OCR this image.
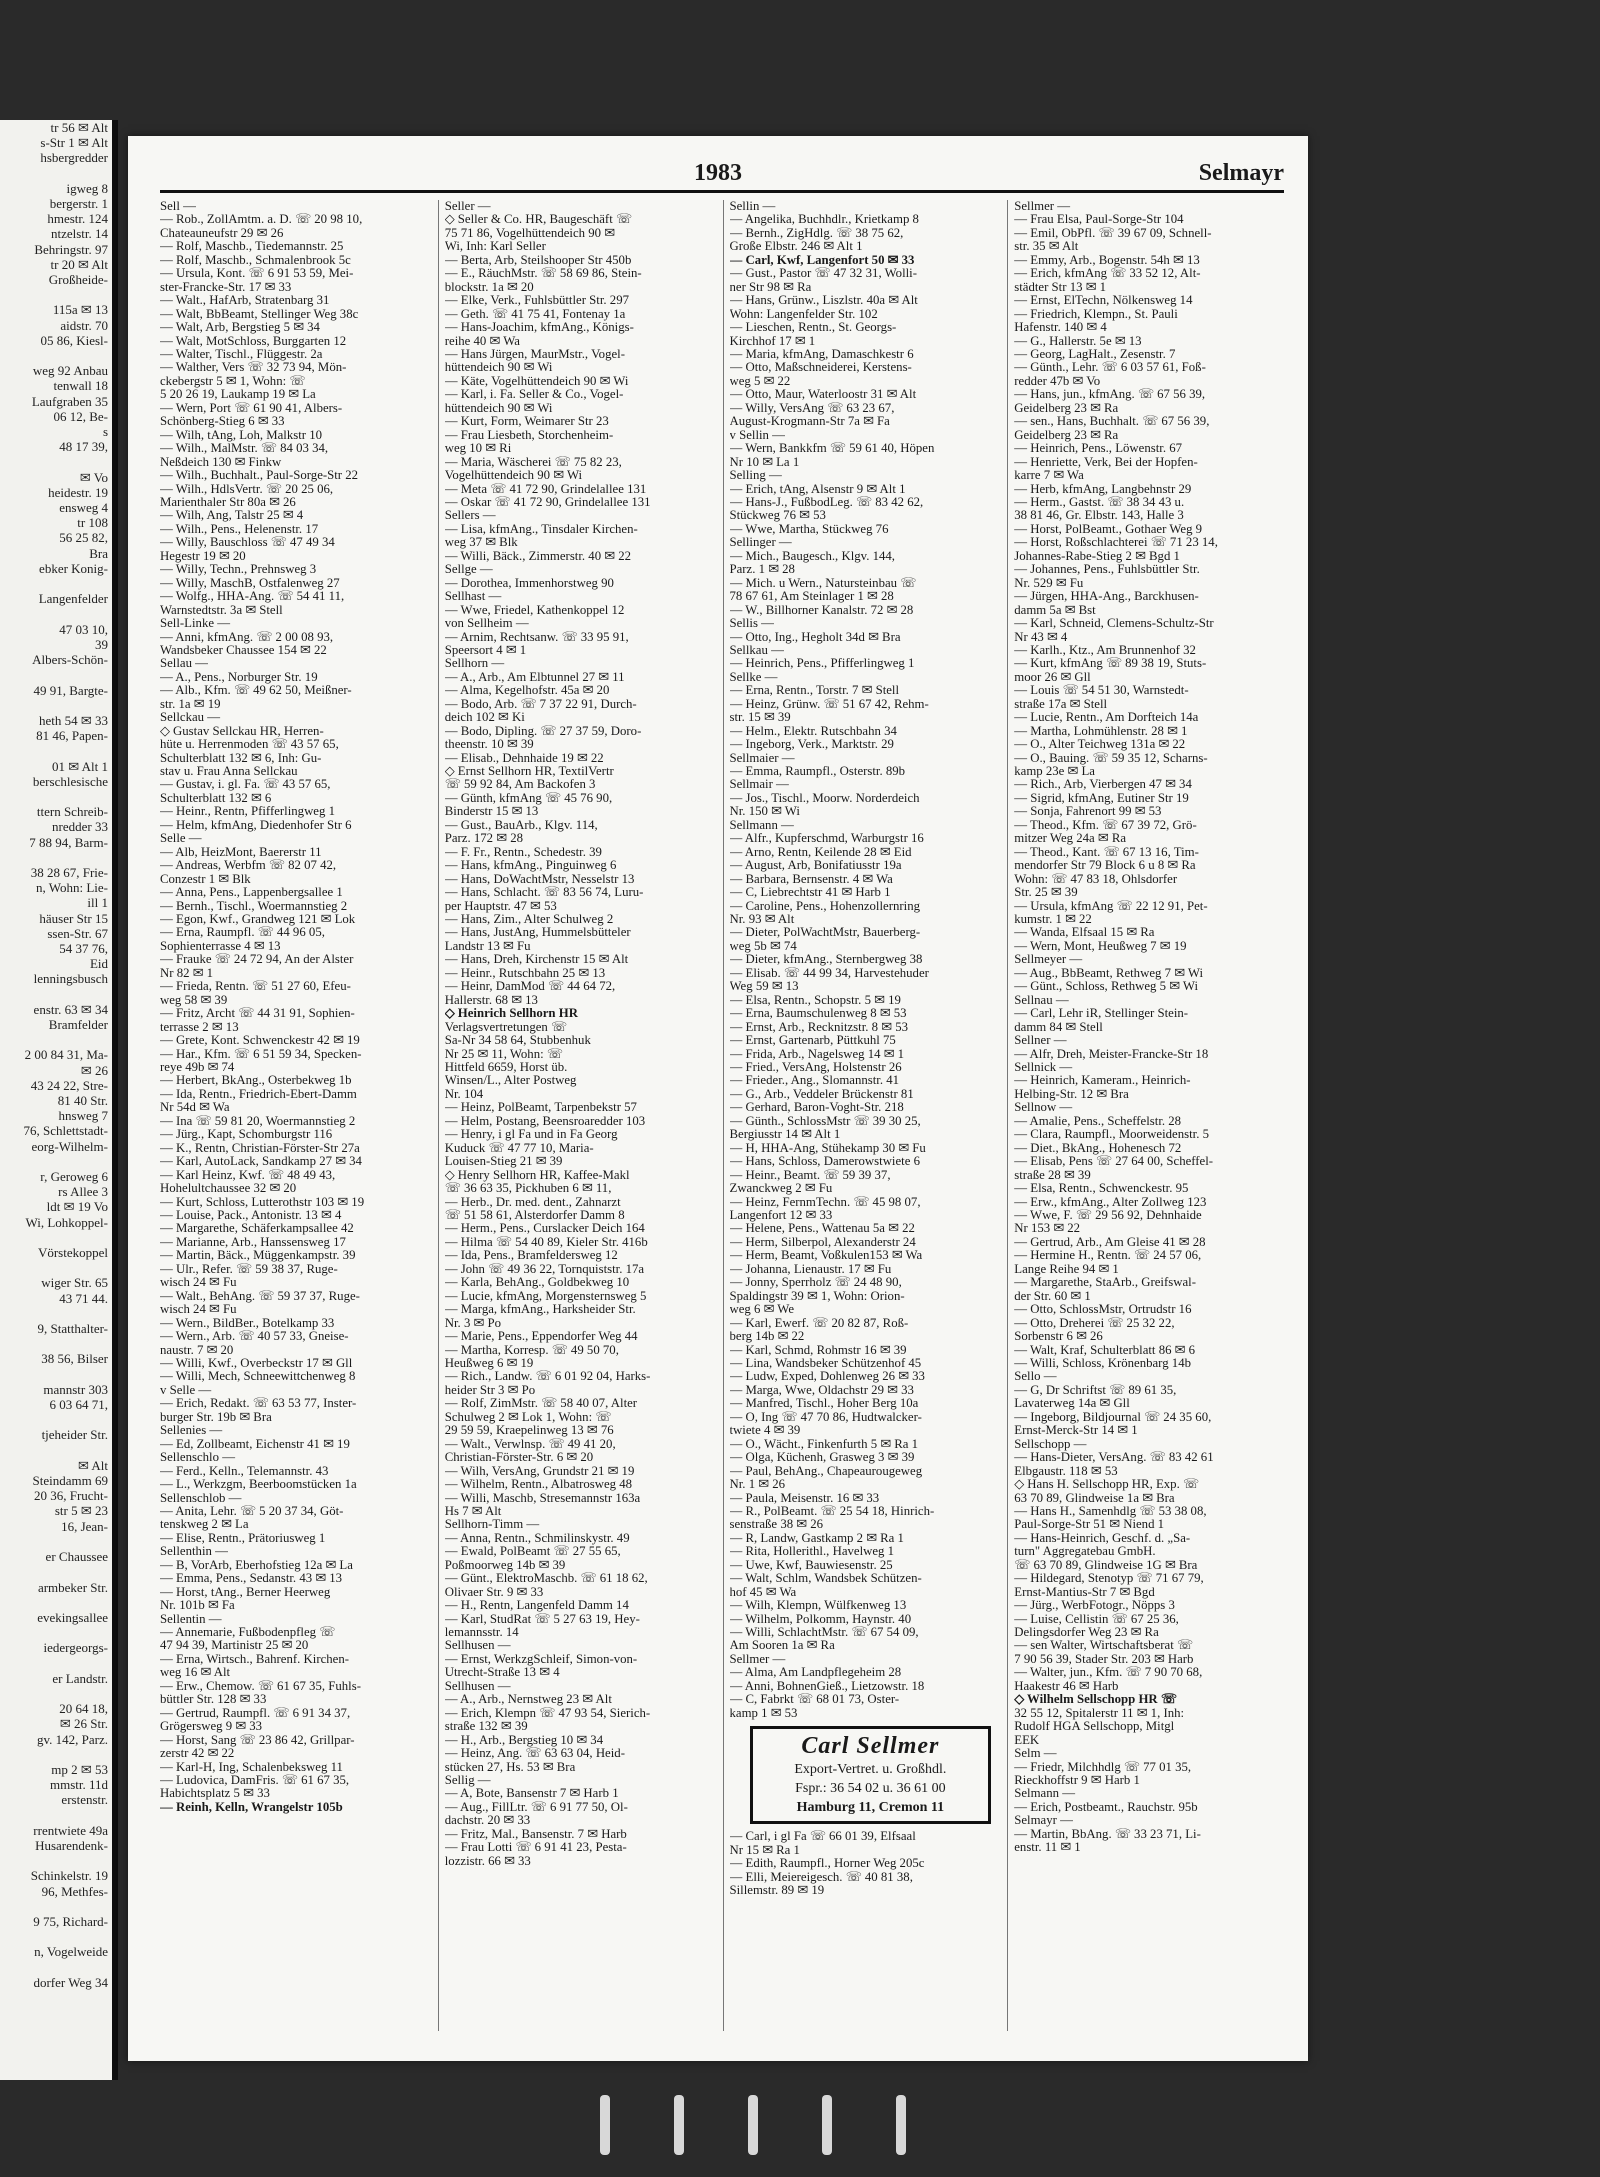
tr 56 ✉ Alt
s-Str 1 ✉ Alt
hsbergredder

igweg 8
bergerstr. 1
hmestr. 124
ntzelstr. 14
Behringstr. 97
tr 20 ✉ Alt
Großheide-

115a ✉ 13
aidstr. 70
05 86, Kiesl-

weg 92 Anbau
tenwall 18
Laufgraben 35
06 12, Be-
s
48 17 39,

✉ Vo
heidestr. 19
ensweg 4
tr 108
56 25 82,
Bra
ebker Konig-

Langenfelder

47 03 10,
39
Albers-Schön-

49 91, Bargte-

heth 54 ✉ 33
81 46, Papen-

01 ✉ Alt 1
berschlesische

ttern Schreib-
nredder 33
7 88 94, Barm-

38 28 67, Frie-
n, Wohn: Lie-
ill 1
häuser Str 15
ssen-Str. 67
54 37 76,
Eid
lenningsbusch

enstr. 63 ✉ 34
Bramfelder

2 00 84 31, Ma-
✉ 26
43 24 22, Stre-
81 40 Str.
hnsweg 7
76, Schlettstadt-
eorg-Wilhelm-

r, Geroweg 6
rs Allee 3
ldt ✉ 19 Vo
Wi, Lohkoppel-

Vörstekoppel

wiger Str. 65
43 71 44.

9, Statthalter-

38 56, Bilser

mannstr 303
6 03 64 71,

tjeheider Str.

✉ Alt
Steindamm 69
20 36, Frucht-
str 5 ✉ 23
16, Jean-

er Chaussee

armbeker Str.

evekingsallee

iedergeorgs-

er Landstr.

20 64 18,
✉ 26 Str.
gv. 142, Parz.

mp 2 ✉ 53
mmstr. 11d
erstenstr.

rrentwiete 49a
Husarendenk-

Schinkelstr. 19
96, Methfes-

9 75, Richard-

n, Vogelweide

dorfer Weg 34
1983	Selmayr
Sell —
— Rob., ZollAmtm. a. D. ☏ 20 98 10,
Chateauneufstr 29 ✉ 26
— Rolf, Maschb., Tiedemannstr. 25
— Rolf, Maschb., Schmalenbrook 5c
— Ursula, Kont. ☏ 6 91 53 59, Mei-
ster-Francke-Str. 17 ✉ 33
— Walt., HafArb, Stratenbarg 31
— Walt, BbBeamt, Stellinger Weg 38c
— Walt, Arb, Bergstieg 5 ✉ 34
— Walt, MotSchloss, Burggarten 12
— Walter, Tischl., Flüggestr. 2a
— Walther, Vers ☏ 32 73 94, Mön-
ckebergstr 5 ✉ 1, Wohn: ☏
5 20 26 19, Laukamp 19 ✉ La
— Wern, Port ☏ 61 90 41, Albers-
Schönberg-Stieg 6 ✉ 33
— Wilh, tAng, Loh, Malkstr 10
— Wilh., MalMstr. ☏ 84 03 34,
Neßdeich 130 ✉ Finkw
— Wilh., Buchhalt., Paul-Sorge-Str 22
— Wilh., HdlsVertr. ☏ 20 25 06,
Marienthaler Str 80a ✉ 26
— Wilh, Ang, Talstr 25 ✉ 4
— Wilh., Pens., Helenenstr. 17
— Willy, Bauschloss ☏ 47 49 34
Hegestr 19 ✉ 20
— Willy, Techn., Prehnsweg 3
— Willy, MaschB, Ostfalenweg 27
— Wolfg., HHA-Ang. ☏ 54 41 11,
Warnstedtstr. 3a ✉ Stell
Sell-Linke —
— Anni, kfmAng. ☏ 2 00 08 93,
Wandsbeker Chaussee 154 ✉ 22
Sellau —
— A., Pens., Norburger Str. 19
— Alb., Kfm. ☏ 49 62 50, Meißner-
str. 1a ✉ 19
Sellckau —
◇ Gustav Sellckau HR, Herren-
hüte u. Herrenmoden ☏ 43 57 65,
Schulterblatt 132 ✉ 6, Inh: Gu-
stav u. Frau Anna Sellckau
— Gustav, i. gl. Fa. ☏ 43 57 65,
Schulterblatt 132 ✉ 6
— Heinr., Rentn, Pfifferlingweg 1
— Helm, kfmAng, Diedenhofer Str 6
Selle —
— Alb, HeizMont, Baererstr 11
— Andreas, Werbfm ☏ 82 07 42,
Conzestr 1 ✉ Blk
— Anna, Pens., Lappenbergsallee 1
— Bernh., Tischl., Woermannstieg 2
— Egon, Kwf., Grandweg 121 ✉ Lok
— Erna, Raumpfl. ☏ 44 96 05,
Sophienterrasse 4 ✉ 13
— Frauke ☏ 24 72 94, An der Alster
Nr 82 ✉ 1
— Frieda, Rentn. ☏ 51 27 60, Efeu-
weg 58 ✉ 39
— Fritz, Archt ☏ 44 31 91, Sophien-
terrasse 2 ✉ 13
— Grete, Kont. Schwenckestr 42 ✉ 19
— Har., Kfm. ☏ 6 51 59 34, Specken-
reye 49b ✉ 74
— Herbert, BkAng., Osterbekweg 1b
— Ida, Rentn., Friedrich-Ebert-Damm
Nr 54d ✉ Wa
— Ina ☏ 59 81 20, Woermannstieg 2
— Jürg., Kapt, Schomburgstr 116
— K., Rentn, Christian-Förster-Str 27a
— Karl, AutoLack, Sandkamp 27 ✉ 34
— Karl Heinz, Kwf. ☏ 48 49 43,
Hohelultchaussee 32 ✉ 20
— Kurt, Schloss, Lutterothstr 103 ✉ 19
— Louise, Pack., Antonistr. 13 ✉ 4
— Margarethe, Schäferkampsallee 42
— Marianne, Arb., Hanssensweg 17
— Martin, Bäck., Müggenkampstr. 39
— Ulr., Refer. ☏ 59 38 37, Ruge-
wisch 24 ✉ Fu
— Walt., BehAng. ☏ 59 37 37, Ruge-
wisch 24 ✉ Fu
— Wern., BildBer., Botelkamp 33
— Wern., Arb. ☏ 40 57 33, Gneise-
naustr. 7 ✉ 20
— Willi, Kwf., Overbeckstr 17 ✉ Gll
— Willi, Mech, Schneewittchenweg 8
v Selle —
— Erich, Redakt. ☏ 63 53 77, Inster-
burger Str. 19b ✉ Bra
Sellenies —
— Ed, Zollbeamt, Eichenstr 41 ✉ 19
Sellenschlo —
— Ferd., Kelln., Telemannstr. 43
— L., Werkzgm, Beerboomstücken 1a
Sellenschlob —
— Anita, Lehr. ☏ 5 20 37 34, Göt-
tenskweg 2 ✉ La
— Elise, Rentn., Prätoriusweg 1
Sellenthin —
— B, VorArb, Eberhofstieg 12a ✉ La
— Emma, Pens., Sedanstr. 43 ✉ 13
— Horst, tAng., Berner Heerweg
Nr. 101b ✉ Fa
Sellentin —
— Annemarie, Fußbodenpfleg ☏
47 94 39, Martinistr 25 ✉ 20
— Erna, Wirtsch., Bahrenf. Kirchen-
weg 16 ✉ Alt
— Erw., Chemow. ☏ 61 67 35, Fuhls-
büttler Str. 128 ✉ 33
— Gertrud, Raumpfl. ☏ 6 91 34 37,
Grögersweg 9 ✉ 33
— Horst, Sang ☏ 23 86 42, Grillpar-
zerstr 42 ✉ 22
— Karl-H, Ing, Schalenbeksweg 11
— Ludovica, DamFris. ☏ 61 67 35,
Habichtsplatz 5 ✉ 33
— Reinh, Kelln, Wrangelstr 105b
Seller —
◇ Seller & Co. HR, Baugeschäft ☏
75 71 86, Vogelhüttendeich 90 ✉
Wi, Inh: Karl Seller
— Berta, Arb, Steilshooper Str 450b
— E., RäuchMstr. ☏ 58 69 86, Stein-
blockstr. 1a ✉ 20
— Elke, Verk., Fuhlsbüttler Str. 297
— Geth. ☏ 41 75 41, Fontenay 1a
— Hans-Joachim, kfmAng., Königs-
reihe 40 ✉ Wa
— Hans Jürgen, MaurMstr., Vogel-
hüttendeich 90 ✉ Wi
— Käte, Vogelhüttendeich 90 ✉ Wi
— Karl, i. Fa. Seller & Co., Vogel-
hüttendeich 90 ✉ Wi
— Kurt, Form, Weimarer Str 23
— Frau Liesbeth, Storchenheim-
weg 10 ✉ Ri
— Maria, Wäscherei ☏ 75 82 23,
Vogelhüttendeich 90 ✉ Wi
— Meta ☏ 41 72 90, Grindelallee 131
— Oskar ☏ 41 72 90, Grindelallee 131
Sellers —
— Lisa, kfmAng., Tinsdaler Kirchen-
weg 37 ✉ Blk
— Willi, Bäck., Zimmerstr. 40 ✉ 22
Sellge —
— Dorothea, Immenhorstweg 90
Sellhast —
— Wwe, Friedel, Kathenkoppel 12
von Sellheim —
— Arnim, Rechtsanw. ☏ 33 95 91,
Speersort 4 ✉ 1
Sellhorn —
— A., Arb., Am Elbtunnel 27 ✉ 11
— Alma, Kegelhofstr. 45a ✉ 20
— Bodo, Arb. ☏ 7 37 22 91, Durch-
deich 102 ✉ Ki
— Bodo, Dipling. ☏ 27 37 59, Doro-
theenstr. 10 ✉ 39
— Elisab., Dehnhaide 19 ✉ 22
◇ Ernst Sellhorn HR, TextilVertr
☏ 59 92 84, Am Backofen 3
— Günth, kfmAng ☏ 45 76 90,
Binderstr 15 ✉ 13
— Gust., BauArb., Klgv. 114,
Parz. 172 ✉ 28
— F. Fr., Rentn., Schedestr. 39
— Hans, kfmAng., Pinguinweg 6
— Hans, DoWachtMstr, Nesselstr 13
— Hans, Schlacht. ☏ 83 56 74, Luru-
per Hauptstr. 47 ✉ 53
— Hans, Zim., Alter Schulweg 2
— Hans, JustAng, Hummelsbütteler
Landstr 13 ✉ Fu
— Hans, Dreh, Kirchenstr 15 ✉ Alt
— Heinr., Rutschbahn 25 ✉ 13
— Heinr, DamMod ☏ 44 64 72,
Hallerstr. 68 ✉ 13
◇ Heinrich Sellhorn HR
Verlagsvertretungen ☏
Sa-Nr 34 58 64, Stubbenhuk
Nr 25 ✉ 11, Wohn: ☏
Hittfeld 6659, Horst üb.
Winsen/L., Alter Postweg
Nr. 104
— Heinz, PolBeamt, Tarpenbekstr 57
— Helm, Postang, Beensroaredder 103
— Henry, i gl Fa und in Fa Georg
Kuduck ☏ 47 77 10, Maria-
Louisen-Stieg 21 ✉ 39
◇ Henry Sellhorn HR, Kaffee-Makl
☏ 36 63 35, Pickhuben 6 ✉ 11,
— Herb., Dr. med. dent., Zahnarzt
☏ 51 58 61, Alsterdorfer Damm 8
— Herm., Pens., Curslacker Deich 164
— Hilma ☏ 54 40 89, Kieler Str. 416b
— Ida, Pens., Bramfeldersweg 12
— John ☏ 49 36 22, Tornquiststr. 17a
— Karla, BehAng., Goldbekweg 10
— Lucie, kfmAng, Morgensternsweg 5
— Marga, kfmAng., Harksheider Str.
Nr. 3 ✉ Po
— Marie, Pens., Eppendorfer Weg 44
— Martha, Korresp. ☏ 49 50 70,
Heußweg 6 ✉ 19
— Rich., Landw. ☏ 6 01 92 04, Harks-
heider Str 3 ✉ Po
— Rolf, ZimMstr. ☏ 58 40 07, Alter
Schulweg 2 ✉ Lok 1, Wohn: ☏
29 59 59, Kraepelinweg 13 ✉ 76
— Walt., Verwlnsp. ☏ 49 41 20,
Christian-Förster-Str. 6 ✉ 20
— Wilh, VersAng, Grundstr 21 ✉ 19
— Wilhelm, Rentn., Albatrosweg 48
— Willi, Maschb, Stresemannstr 163a
Hs 7 ✉ Alt
Sellhorn-Timm —
— Anna, Rentn., Schmilinskystr. 49
— Ewald, PolBeamt ☏ 27 55 65,
Poßmoorweg 14b ✉ 39
— Günt., ElektroMaschb. ☏ 61 18 62,
Olivaer Str. 9 ✉ 33
— H., Rentn, Langenfeld Damm 14
— Karl, StudRat ☏ 5 27 63 19, Hey-
lemannsstr. 14
Sellhusen —
— Ernst, WerkzgSchleif, Simon-von-
Utrecht-Straße 13 ✉ 4
Sellhusen —
— A., Arb., Nernstweg 23 ✉ Alt
— Erich, Klempn ☏ 47 93 54, Sierich-
straße 132 ✉ 39
— H., Arb., Bergstieg 10 ✉ 34
— Heinz, Ang. ☏ 63 63 04, Heid-
stücken 27, Hs. 53 ✉ Bra
Sellig —
— A, Bote, Bansenstr 7 ✉ Harb 1
— Aug., FillLtr. ☏ 6 91 77 50, Ol-
dachstr. 20 ✉ 33
— Fritz, Mal., Bansenstr. 7 ✉ Harb
— Frau Lotti ☏ 6 91 41 23, Pesta-
lozzistr. 66 ✉ 33
Sellin —
— Angelika, Buchhdlr., Krietkamp 8
— Bernh., ZigHdlg. ☏ 38 75 62,
Große Elbstr. 246 ✉ Alt 1
— Carl, Kwf, Langenfort 50 ✉ 33
— Gust., Pastor ☏ 47 32 31, Wolli-
ner Str 98 ✉ Ra
— Hans, Grünw., Liszlstr. 40a ✉ Alt
Wohn: Langenfelder Str. 102
— Lieschen, Rentn., St. Georgs-
Kirchhof 17 ✉ 1
— Maria, kfmAng, Damaschkestr 6
— Otto, Maßschneiderei, Kerstens-
weg 5 ✉ 22
— Otto, Maur, Waterloostr 31 ✉ Alt
— Willy, VersAng ☏ 63 23 67,
August-Krogmann-Str 7a ✉ Fa
v Sellin —
— Wern, Bankkfm ☏ 59 61 40, Höpen
Nr 10 ✉ La 1
Selling —
— Erich, tAng, Alsenstr 9 ✉ Alt 1
— Hans-J., FußbodLeg. ☏ 83 42 62,
Stückweg 76 ✉ 53
— Wwe, Martha, Stückweg 76
Sellinger —
— Mich., Baugesch., Klgv. 144,
Parz. 1 ✉ 28
— Mich. u Wern., Natursteinbau ☏
78 67 61, Am Steinlager 1 ✉ 28
— W., Billhorner Kanalstr. 72 ✉ 28
Sellis —
— Otto, Ing., Hegholt 34d ✉ Bra
Sellkau —
— Heinrich, Pens., Pfifferlingweg 1
Sellke —
— Erna, Rentn., Torstr. 7 ✉ Stell
— Heinz, Grünw. ☏ 51 67 42, Rehm-
str. 15 ✉ 39
— Helm., Elektr. Rutschbahn 34
— Ingeborg, Verk., Marktstr. 29
Sellmaier —
— Emma, Raumpfl., Osterstr. 89b
Sellmair —
— Jos., Tischl., Moorw. Norderdeich
Nr. 150 ✉ Wi
Sellmann —
— Alfr., Kupferschmd, Warburgstr 16
— Arno, Rentn, Keilende 28 ✉ Eid
— August, Arb, Bonifatiusstr 19a
— Barbara, Bernsenstr. 4 ✉ Wa
— C, Liebrechtstr 41 ✉ Harb 1
— Caroline, Pens., Hohenzollernring
Nr. 93 ✉ Alt
— Dieter, PolWachtMstr, Bauerberg-
weg 5b ✉ 74
— Dieter, kfmAng., Sternbergweg 38
— Elisab. ☏ 44 99 34, Harvestehuder
Weg 59 ✉ 13
— Elsa, Rentn., Schopstr. 5 ✉ 19
— Erna, Baumschulenweg 8 ✉ 53
— Ernst, Arb., Recknitzstr. 8 ✉ 53
— Ernst, Gartenarb, Püttkuhl 75
— Frida, Arb., Nagelsweg 14 ✉ 1
— Fried., VersAng, Holstenstr 26
— Frieder., Ang., Slomannstr. 41
— G., Arb., Veddeler Brückenstr 81
— Gerhard, Baron-Voght-Str. 218
— Günth., SchlossMstr ☏ 39 30 25,
Bergiusstr 14 ✉ Alt 1
— H, HHA-Ang, Stühekamp 30 ✉ Fu
— Hans, Schloss, Damerowstwiete 6
— Heinr., Beamt. ☏ 59 39 37,
Zwanckweg 2 ✉ Fu
— Heinz, FernmTechn. ☏ 45 98 07,
Langenfort 12 ✉ 33
— Helene, Pens., Wattenau 5a ✉ 22
— Herm, Silberpol, Alexanderstr 24
— Herm, Beamt, Voßkulen153 ✉ Wa
— Johanna, Lienaustr. 17 ✉ Fu
— Jonny, Sperrholz ☏ 24 48 90,
Spaldingstr 39 ✉ 1, Wohn: Orion-
weg 6 ✉ We
— Karl, Ewerf. ☏ 20 82 87, Roß-
berg 14b ✉ 22
— Karl, Schmd, Rohmstr 16 ✉ 39
— Lina, Wandsbeker Schützenhof 45
— Ludw, Exped, Dohlenweg 26 ✉ 33
— Marga, Wwe, Oldachstr 29 ✉ 33
— Manfred, Tischl., Hoher Berg 10a
— O, Ing ☏ 47 70 86, Hudtwalcker-
twiete 4 ✉ 39
— O., Wächt., Finkenfurth 5 ✉ Ra 1
— Olga, Küchenh, Grasweg 3 ✉ 39
— Paul, BehAng., Chapeaurougeweg
Nr. 1 ✉ 26
— Paula, Meisenstr. 16 ✉ 33
— R., PolBeamt. ☏ 25 54 18, Hinrich-
senstraße 38 ✉ 26
— R, Landw, Gastkamp 2 ✉ Ra 1
— Rita, Hollerithl., Havelweg 1
— Uwe, Kwf, Bauwiesenstr. 25
— Walt, Schlm, Wandsbek Schützen-
hof 45 ✉ Wa
— Wilh, Klempn, Wülfkenweg 13
— Wilhelm, Polkomm, Haynstr. 40
— Willi, SchlachtMstr. ☏ 67 54 09,
Am Sooren 1a ✉ Ra
Sellmer —
— Alma, Am Landpflegeheim 28
— Anni, BohnenGieß., Lietzowstr. 18
— C, Fabrkt ☏ 68 01 73, Oster-
kamp 1 ✉ 53
Carl Sellmer
Export-Vertret. u. Großhdl.
Fspr.: 36 54 02 u. 36 61 00
Hamburg 11, Cremon 11
— Carl, i gl Fa ☏ 66 01 39, Elfsaal
Nr 15 ✉ Ra 1
— Edith, Raumpfl., Horner Weg 205c
— Elli, Meiereigesch. ☏ 40 81 38,
Sillemstr. 89 ✉ 19
Sellmer —
— Frau Elsa, Paul-Sorge-Str 104
— Emil, ObPfl. ☏ 39 67 09, Schnell-
str. 35 ✉ Alt
— Emmy, Arb., Bogenstr. 54h ✉ 13
— Erich, kfmAng ☏ 33 52 12, Alt-
städter Str 13 ✉ 1
— Ernst, ElTechn, Nölkensweg 14
— Friedrich, Klempn., St. Pauli
Hafenstr. 140 ✉ 4
— G., Hallerstr. 5e ✉ 13
— Georg, LagHalt., Zesenstr. 7
— Günth., Lehr. ☏ 6 03 57 61, Foß-
redder 47b ✉ Vo
— Hans, jun., kfmAng. ☏ 67 56 39,
Geidelberg 23 ✉ Ra
— sen., Hans, Buchhalt. ☏ 67 56 39,
Geidelberg 23 ✉ Ra
— Heinrich, Pens., Löwenstr. 67
— Henriette, Verk, Bei der Hopfen-
karre 7 ✉ Wa
— Herb, kfmAng, Langbehnstr 29
— Herm., Gastst. ☏ 38 34 43 u.
38 81 46, Gr. Elbstr. 143, Halle 3
— Horst, PolBeamt., Gothaer Weg 9
— Horst, Roßschlachterei ☏ 71 23 14,
Johannes-Rabe-Stieg 2 ✉ Bgd 1
— Johannes, Pens., Fuhlsbüttler Str.
Nr. 529 ✉ Fu
— Jürgen, HHA-Ang., Barckhusen-
damm 5a ✉ Bst
— Karl, Schneid, Clemens-Schultz-Str
Nr 43 ✉ 4
— Karlh., Ktz., Am Brunnenhof 32
— Kurt, kfmAng ☏ 89 38 19, Stuts-
moor 26 ✉ Gll
— Louis ☏ 54 51 30, Warnstedt-
straße 17a ✉ Stell
— Lucie, Rentn., Am Dorfteich 14a
— Martha, Lohmühlenstr. 28 ✉ 1
— O., Alter Teichweg 131a ✉ 22
— O., Bauing. ☏ 59 35 12, Scharns-
kamp 23e ✉ La
— Rich., Arb, Vierbergen 47 ✉ 34
— Sigrid, kfmAng, Eutiner Str 19
— Sonja, Fahrenort 99 ✉ 53
— Theod., Kfm. ☏ 67 39 72, Grö-
mitzer Weg 24a ✉ Ra
— Theod., Kant. ☏ 67 13 16, Tim-
mendorfer Str 79 Block 6 u 8 ✉ Ra
Wohn: ☏ 47 83 18, Ohlsdorfer
Str. 25 ✉ 39
— Ursula, kfmAng ☏ 22 12 91, Pet-
kumstr. 1 ✉ 22
— Wanda, Elfsaal 15 ✉ Ra
— Wern, Mont, Heußweg 7 ✉ 19
Sellmeyer —
— Aug., BbBeamt, Rethweg 7 ✉ Wi
— Günt., Schloss, Rethweg 5 ✉ Wi
Sellnau —
— Carl, Lehr iR, Stellinger Stein-
damm 84 ✉ Stell
Sellner —
— Alfr, Dreh, Meister-Francke-Str 18
Sellnick —
— Heinrich, Kameram., Heinrich-
Helbing-Str. 12 ✉ Bra
Sellnow —
— Amalie, Pens., Scheffelstr. 28
— Clara, Raumpfl., Moorweidenstr. 5
— Diet., BkAng., Hohenesch 72
— Elisab, Pens ☏ 27 64 00, Scheffel-
straße 28 ✉ 39
— Elsa, Rentn., Schwenckestr. 95
— Erw., kfmAng., Alter Zollweg 123
— Wwe, F. ☏ 29 56 92, Dehnhaide
Nr 153 ✉ 22
— Gertrud, Arb., Am Gleise 41 ✉ 28
— Hermine H., Rentn. ☏ 24 57 06,
Lange Reihe 94 ✉ 1
— Margarethe, StaArb., Greifswal-
der Str. 60 ✉ 1
— Otto, SchlossMstr, Ortrudstr 16
— Otto, Dreherei ☏ 25 32 22,
Sorbenstr 6 ✉ 26
— Walt, Kraf, Schulterblatt 86 ✉ 6
— Willi, Schloss, Krönenbarg 14b
Sello —
— G, Dr Schriftst ☏ 89 61 35,
Lavaterweg 14a ✉ Gll
— Ingeborg, Bildjournal ☏ 24 35 60,
Ernst-Merck-Str 14 ✉ 1
Sellschopp —
— Hans-Dieter, VersAng. ☏ 83 42 61
Elbgaustr. 118 ✉ 53
◇ Hans H. Sellschopp HR, Exp. ☏
63 70 89, Glindweise 1a ✉ Bra
— Hans H., Samenhdlg ☏ 53 38 08,
Paul-Sorge-Str 51 ✉ Niend 1
— Hans-Heinrich, Geschf. d. „Sa-
turn" Aggregatebau GmbH.
☏ 63 70 89, Glindweise 1G ✉ Bra
— Hildegard, Stenotyp ☏ 71 67 79,
Ernst-Mantius-Str 7 ✉ Bgd
— Jürg., WerbFotogr., Nöpps 3
— Luise, Cellistin ☏ 67 25 36,
Delingsdorfer Weg 23 ✉ Ra
— sen Walter, Wirtschaftsberat ☏
7 90 56 39, Stader Str. 203 ✉ Harb
— Walter, jun., Kfm. ☏ 7 90 70 68,
Haakestr 46 ✉ Harb
◇ Wilhelm Sellschopp HR ☏
32 55 12, Spitalerstr 11 ✉ 1, Inh:
Rudolf HGA Sellschopp, Mitgl
EEK
Selm —
— Friedr, Milchhdlg ☏ 77 01 35,
Rieckhoffstr 9 ✉ Harb 1
Selmann —
— Erich, Postbeamt., Rauchstr. 95b
Selmayr —
— Martin, BbAng. ☏ 33 23 71, Li-
enstr. 11 ✉ 1
